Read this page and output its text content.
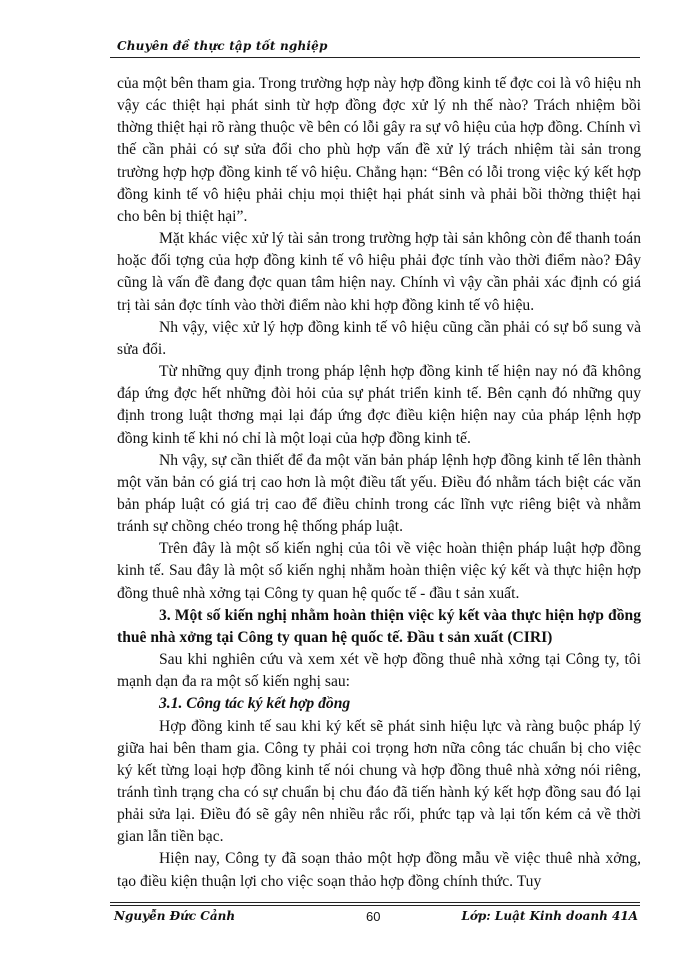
Chuyên đề thực tập tốt nghiệp

của một bên tham gia. Trong trường hợp này hợp đồng kinh tế đợc coi là vô hiệu nh vậy các thiệt hại phát sinh từ hợp đồng đợc xử lý nh thế nào? Trách nhiệm bồi thờng thiệt hại rõ ràng thuộc về bên có lỗi gây ra sự vô hiệu của hợp đồng. Chính vì thế cần phải có sự sửa đổi cho phù hợp vấn đề xử lý trách nhiệm tài sản trong trường hợp hợp đồng kinh tế vô hiệu. Chẳng hạn: “Bên có lỗi trong việc ký kết hợp đồng kinh tế vô hiệu phải chịu mọi thiệt hại phát sinh và phải bồi thờng thiệt hại cho bên bị thiệt hại”.

Mặt khác việc xử lý tài sản trong trường hợp tài sản không còn để thanh toán hoặc đối tợng của hợp đồng kinh tế vô hiệu phải đợc tính vào thời điểm nào? Đây cũng là vấn đề đang đợc quan tâm hiện nay. Chính vì vậy cần phải xác định có giá trị tài sản đợc tính vào thời điểm nào khi hợp đồng kinh tế vô hiệu.

Nh vậy, việc xử lý hợp đồng kinh tế vô hiệu cũng cần phải có sự bổ sung và sửa đổi.

Từ những quy định trong pháp lệnh hợp đồng kinh tế hiện nay nó đã không đáp ứng đợc hết những đòi hỏi của sự phát triển kinh tế. Bên cạnh đó những quy định trong luật thơng mại lại đáp ứng đợc điều kiện hiện nay của pháp lệnh hợp đồng kinh tế khi nó chỉ là một loại của hợp đồng kinh tế.

Nh vậy, sự cần thiết để đa một văn bản pháp lệnh hợp đồng kinh tế lên thành một văn bản có giá trị cao hơn là một điều tất yếu. Điều đó nhằm tách biệt các văn bản pháp luật có giá trị cao để điều chỉnh trong các lĩnh vực riêng biệt và nhằm tránh sự chồng chéo trong hệ thống pháp luật.

Trên đây là một số kiến nghị của tôi về việc hoàn thiện pháp luật hợp đồng kinh tế. Sau đây là một số kiến nghị nhằm hoàn thiện việc ký kết và thực hiện hợp đồng thuê nhà xởng tại Công ty quan hệ quốc tế - đầu t sản xuất.

3. Một số kiến nghị nhằm hoàn thiện việc ký kết vàa thực hiện hợp đồng thuê nhà xởng tại Công ty quan hệ quốc tế. Đầu t sản xuất (CIRI)

Sau khi nghiên cứu và xem xét về hợp đồng thuê nhà xởng tại Công ty, tôi mạnh dạn đa ra một số kiến nghị sau:

3.1. Công tác ký kết hợp đồng

Hợp đồng kinh tế sau khi ký kết sẽ phát sinh hiệu lực và ràng buộc pháp lý giữa hai bên tham gia. Công ty phải coi trọng hơn nữa công tác chuẩn bị cho việc ký kết từng loại hợp đồng kinh tế nói chung và hợp đồng thuê nhà xởng nói riêng, tránh tình trạng cha có sự chuẩn bị chu đáo đã tiến hành ký kết hợp đồng sau đó lại phải sửa lại. Điều đó sẽ gây nên nhiều rắc rối, phức tạp và lại tốn kém cả về thời gian lẫn tiền bạc.

Hiện nay, Công ty đã soạn thảo một hợp đồng mẫu về việc thuê nhà xởng, tạo điều kiện thuận lợi cho việc soạn thảo hợp đồng chính thức. Tuy

Nguyễn Đức Cảnh	60	Lớp: Luật Kinh doanh 41A
